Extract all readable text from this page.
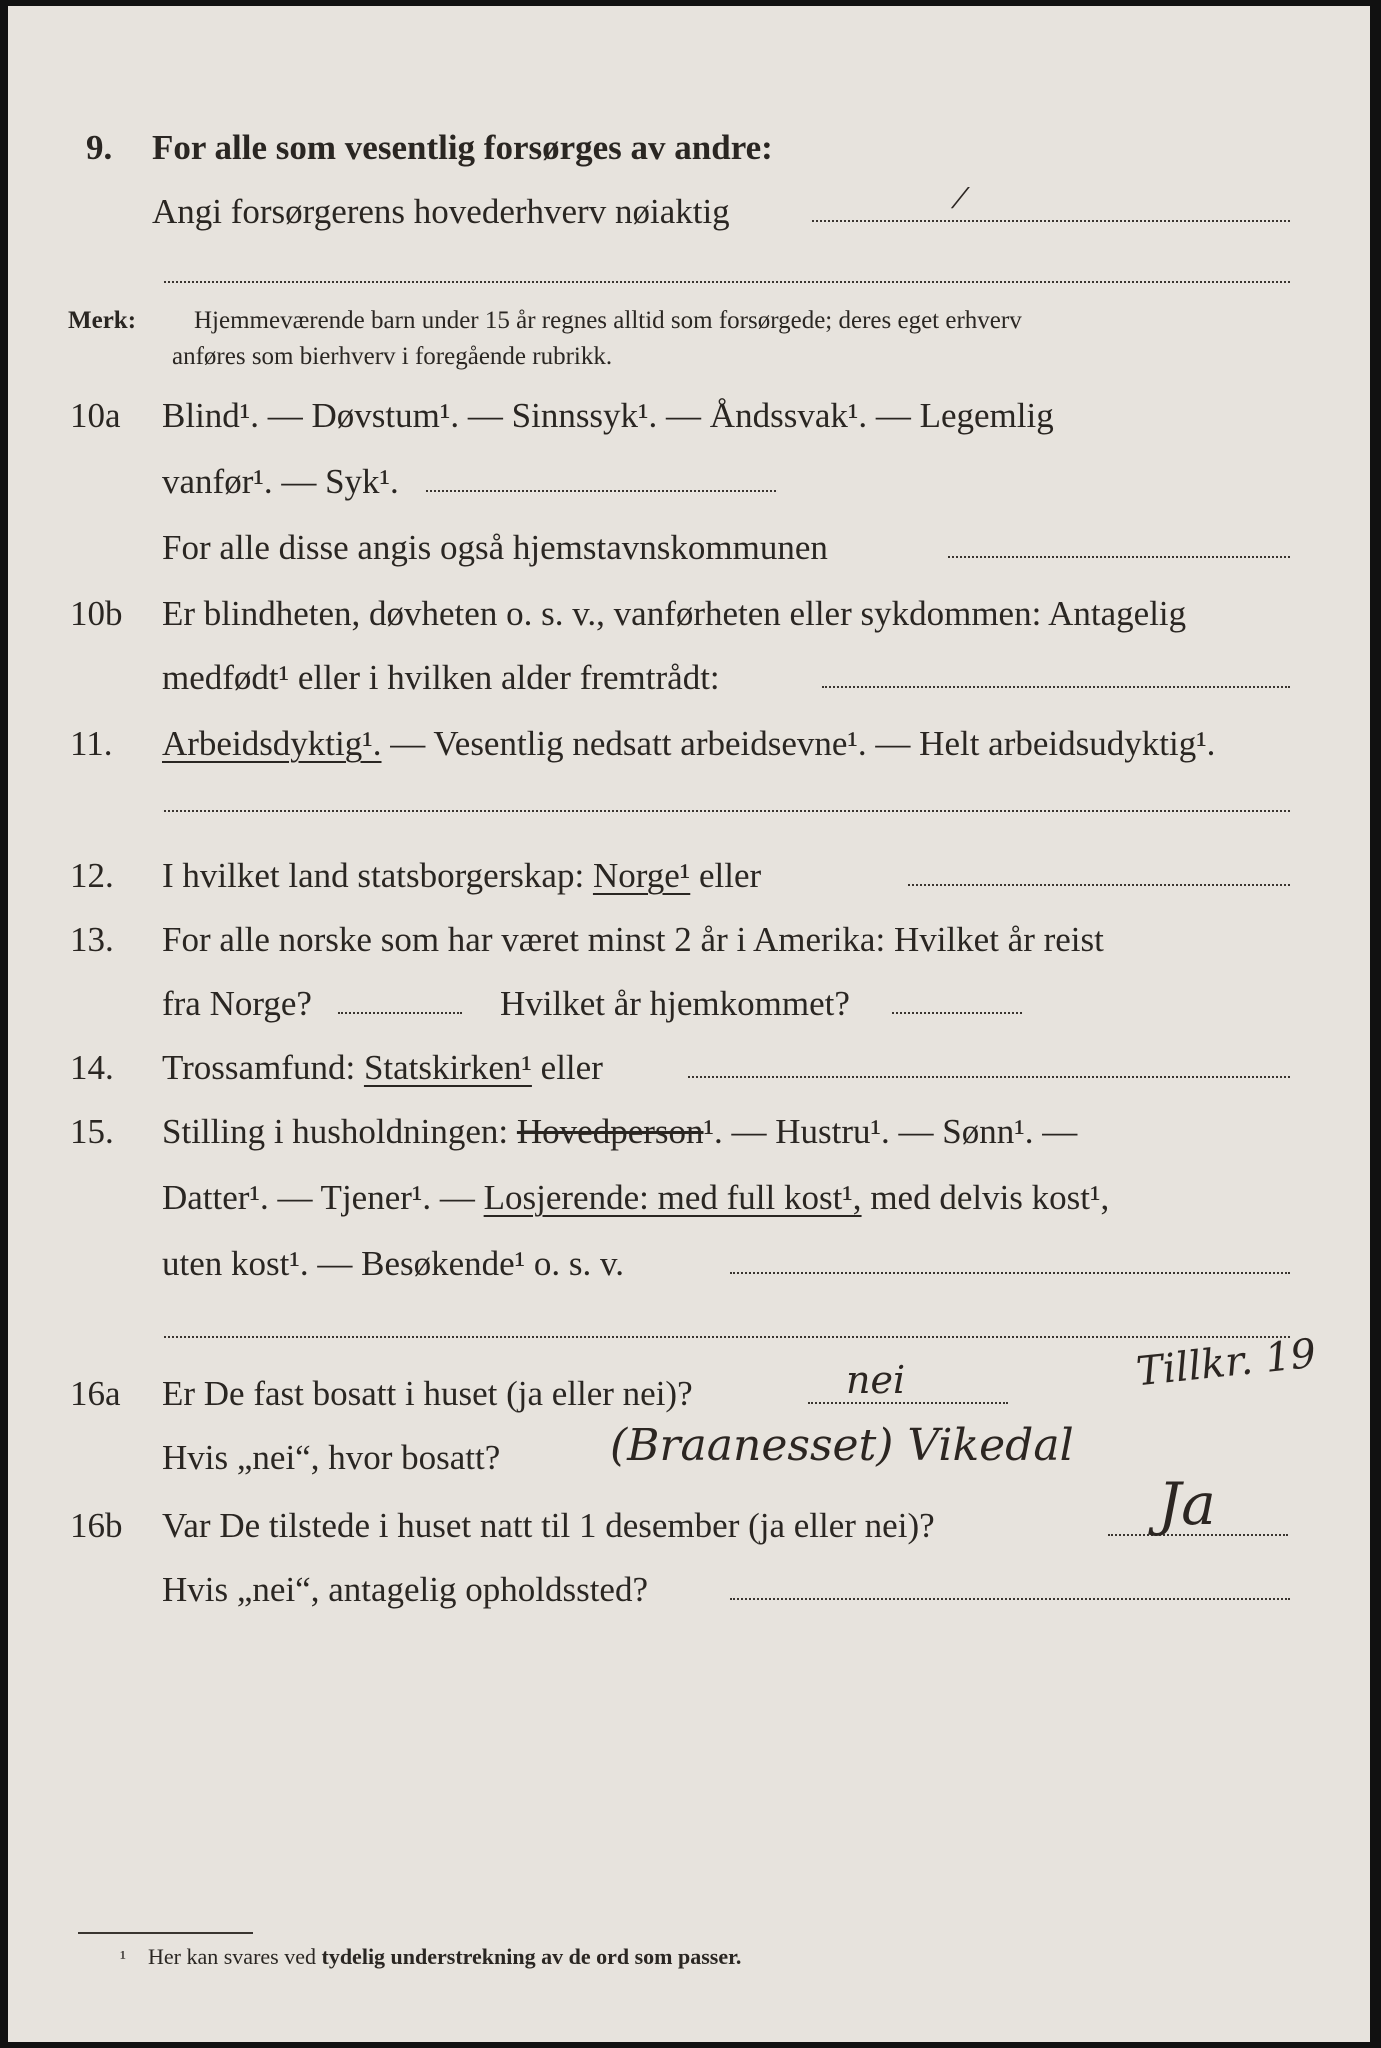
9. For alle som vesentlig forsørges av andre:
Angi forsørgerens hovederhverv nøiaktig	⁄
Merk: Hjemmeværende barn under 15 år regnes alltid som forsørgede; deres eget erhverv
anføres som bierhverv i foregående rubrikk.
10a Blind¹. — Døvstum¹. — Sinnssyk¹. — Åndssvak¹. — Legemlig
vanfør¹. — Syk¹.
For alle disse angis også hjemstavnskommunen
10b Er blindheten, døvheten o. s. v., vanførheten eller sykdommen: Antagelig
medfødt¹ eller i hvilken alder fremtrådt:
11. Arbeidsdyktig¹. — Vesentlig nedsatt arbeidsevne¹. — Helt arbeidsudyktig¹.
12. I hvilket land statsborgerskap: Norge¹ eller
13. For alle norske som har været minst 2 år i Amerika: Hvilket år reist
fra Norge?	Hvilket år hjemkommet?
14. Trossamfund: Statskirken¹ eller
15. Stilling i husholdningen: Hovedperson¹. — Hustru¹. — Sønn¹. —
Datter¹. — Tjener¹. — Losjerende: med full kost¹, med delvis kost¹,
uten kost¹. — Besøkende¹ o. s. v.
Tillkr. 19
16a Er De fast bosatt i huset (ja eller nei)?	nei
Hvis „nei“, hvor bosatt? (Braanesset) Vikedal
16b Var De tilstede i huset natt til 1 desember (ja eller nei)?	Ja
Hvis „nei“, antagelig opholdssted?
¹ Her kan svares ved tydelig understrekning av de ord som passer.
